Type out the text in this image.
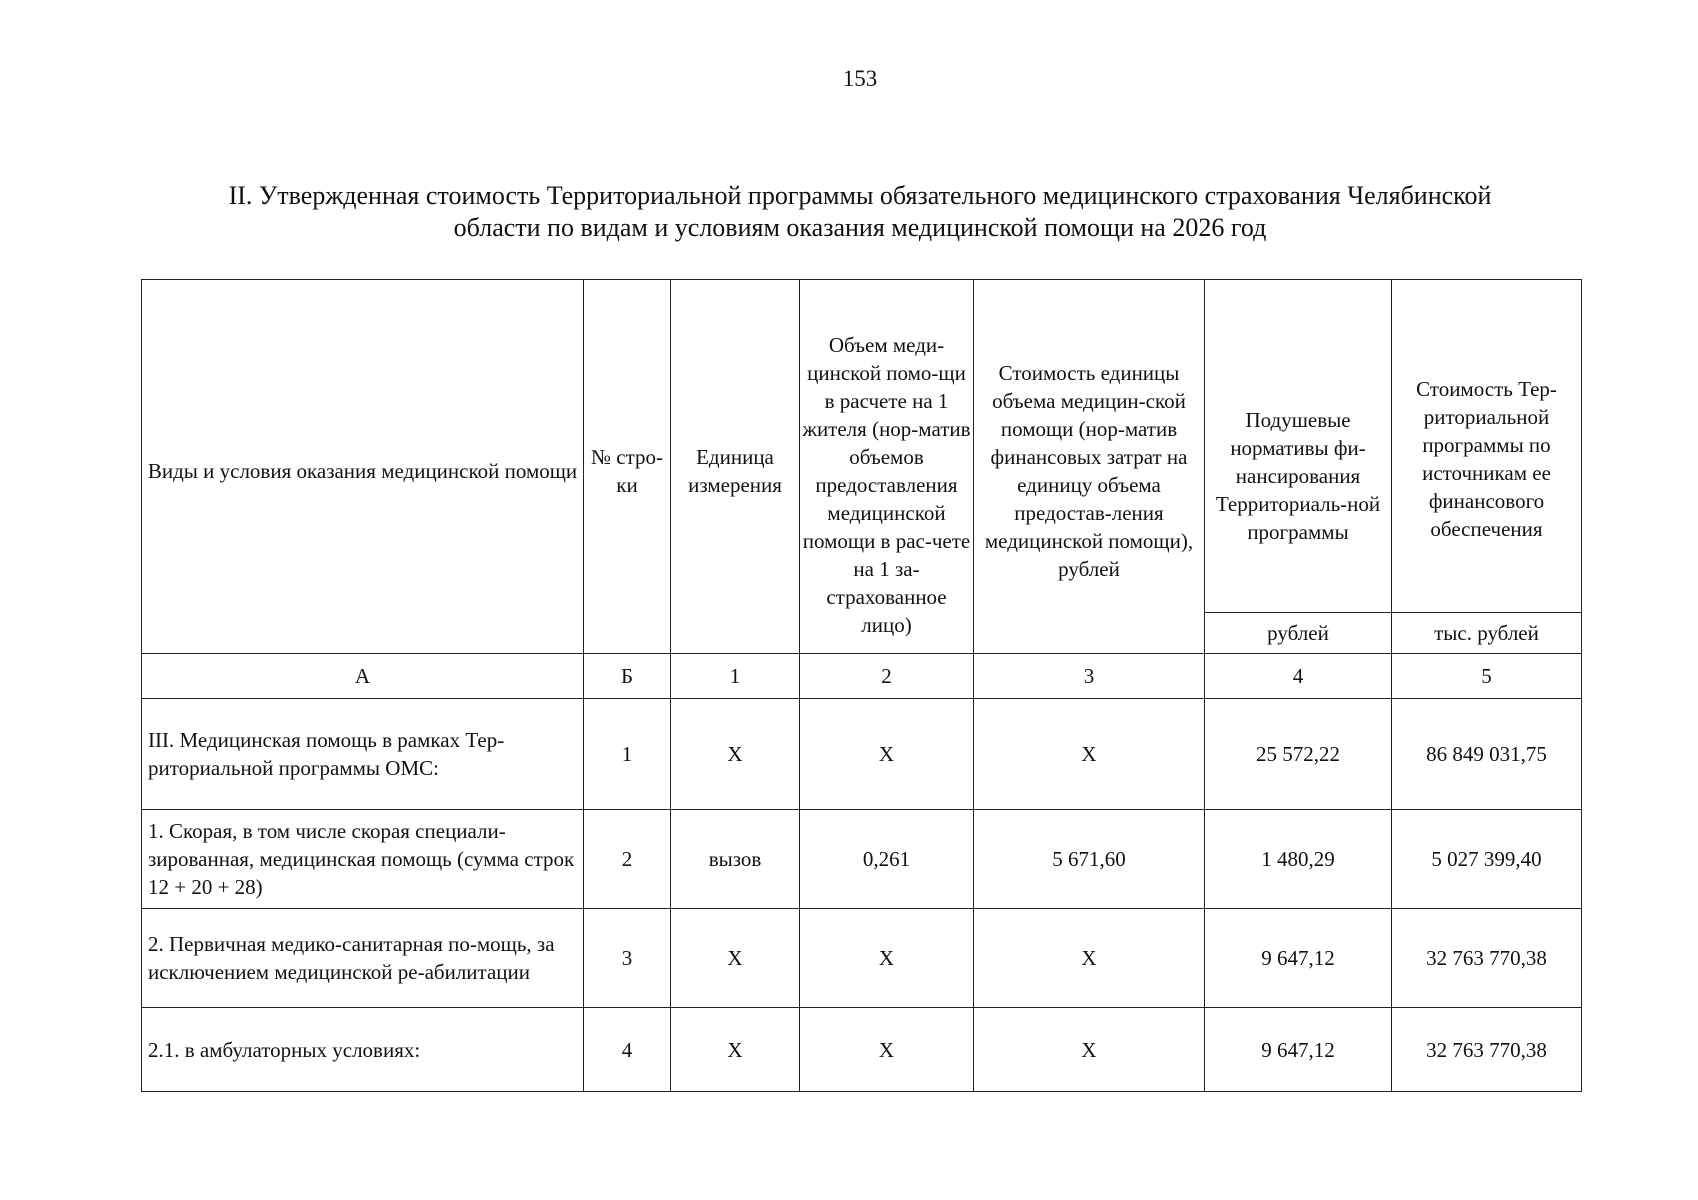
153
II. Утвержденная стоимость Территориальной программы обязательного медицинского страхования Челябинской
области по видам и условиям оказания медицинской помощи на 2026 год
Виды и условия оказания медицинской помощи	№ стро-ки	Единица измерения	Объем меди-цинской помо-щи в расчете на 1 жителя (нор-матив объемов предоставления медицинской помощи в рас-чете на 1 за-страхованное лицо)	Стоимость единицы объема медицин-ской помощи (нор-матив финансовых затрат на единицу объема предостав-ления медицинской помощи), рублей	Подушевые нормативы фи-нансирования Территориаль-ной программы	Стоимость Тер-риториальной программы по источникам ее финансового обеспечения
					рублей	тыс. рублей
А	Б	1	2	3	4	5
III. Медицинская помощь в рамках Тер-риториальной программы ОМС:	1	X	X	X	25 572,22	86 849 031,75
1. Скорая, в том числе скорая специали-зированная, медицинская помощь (сумма строк 12 + 20 + 28)	2	вызов	0,261	5 671,60	1 480,29	5 027 399,40
2. Первичная медико-санитарная по-мощь, за исключением медицинской ре-абилитации	3	X	X	X	9 647,12	32 763 770,38
2.1. в амбулаторных условиях:	4	X	X	X	9 647,12	32 763 770,38
